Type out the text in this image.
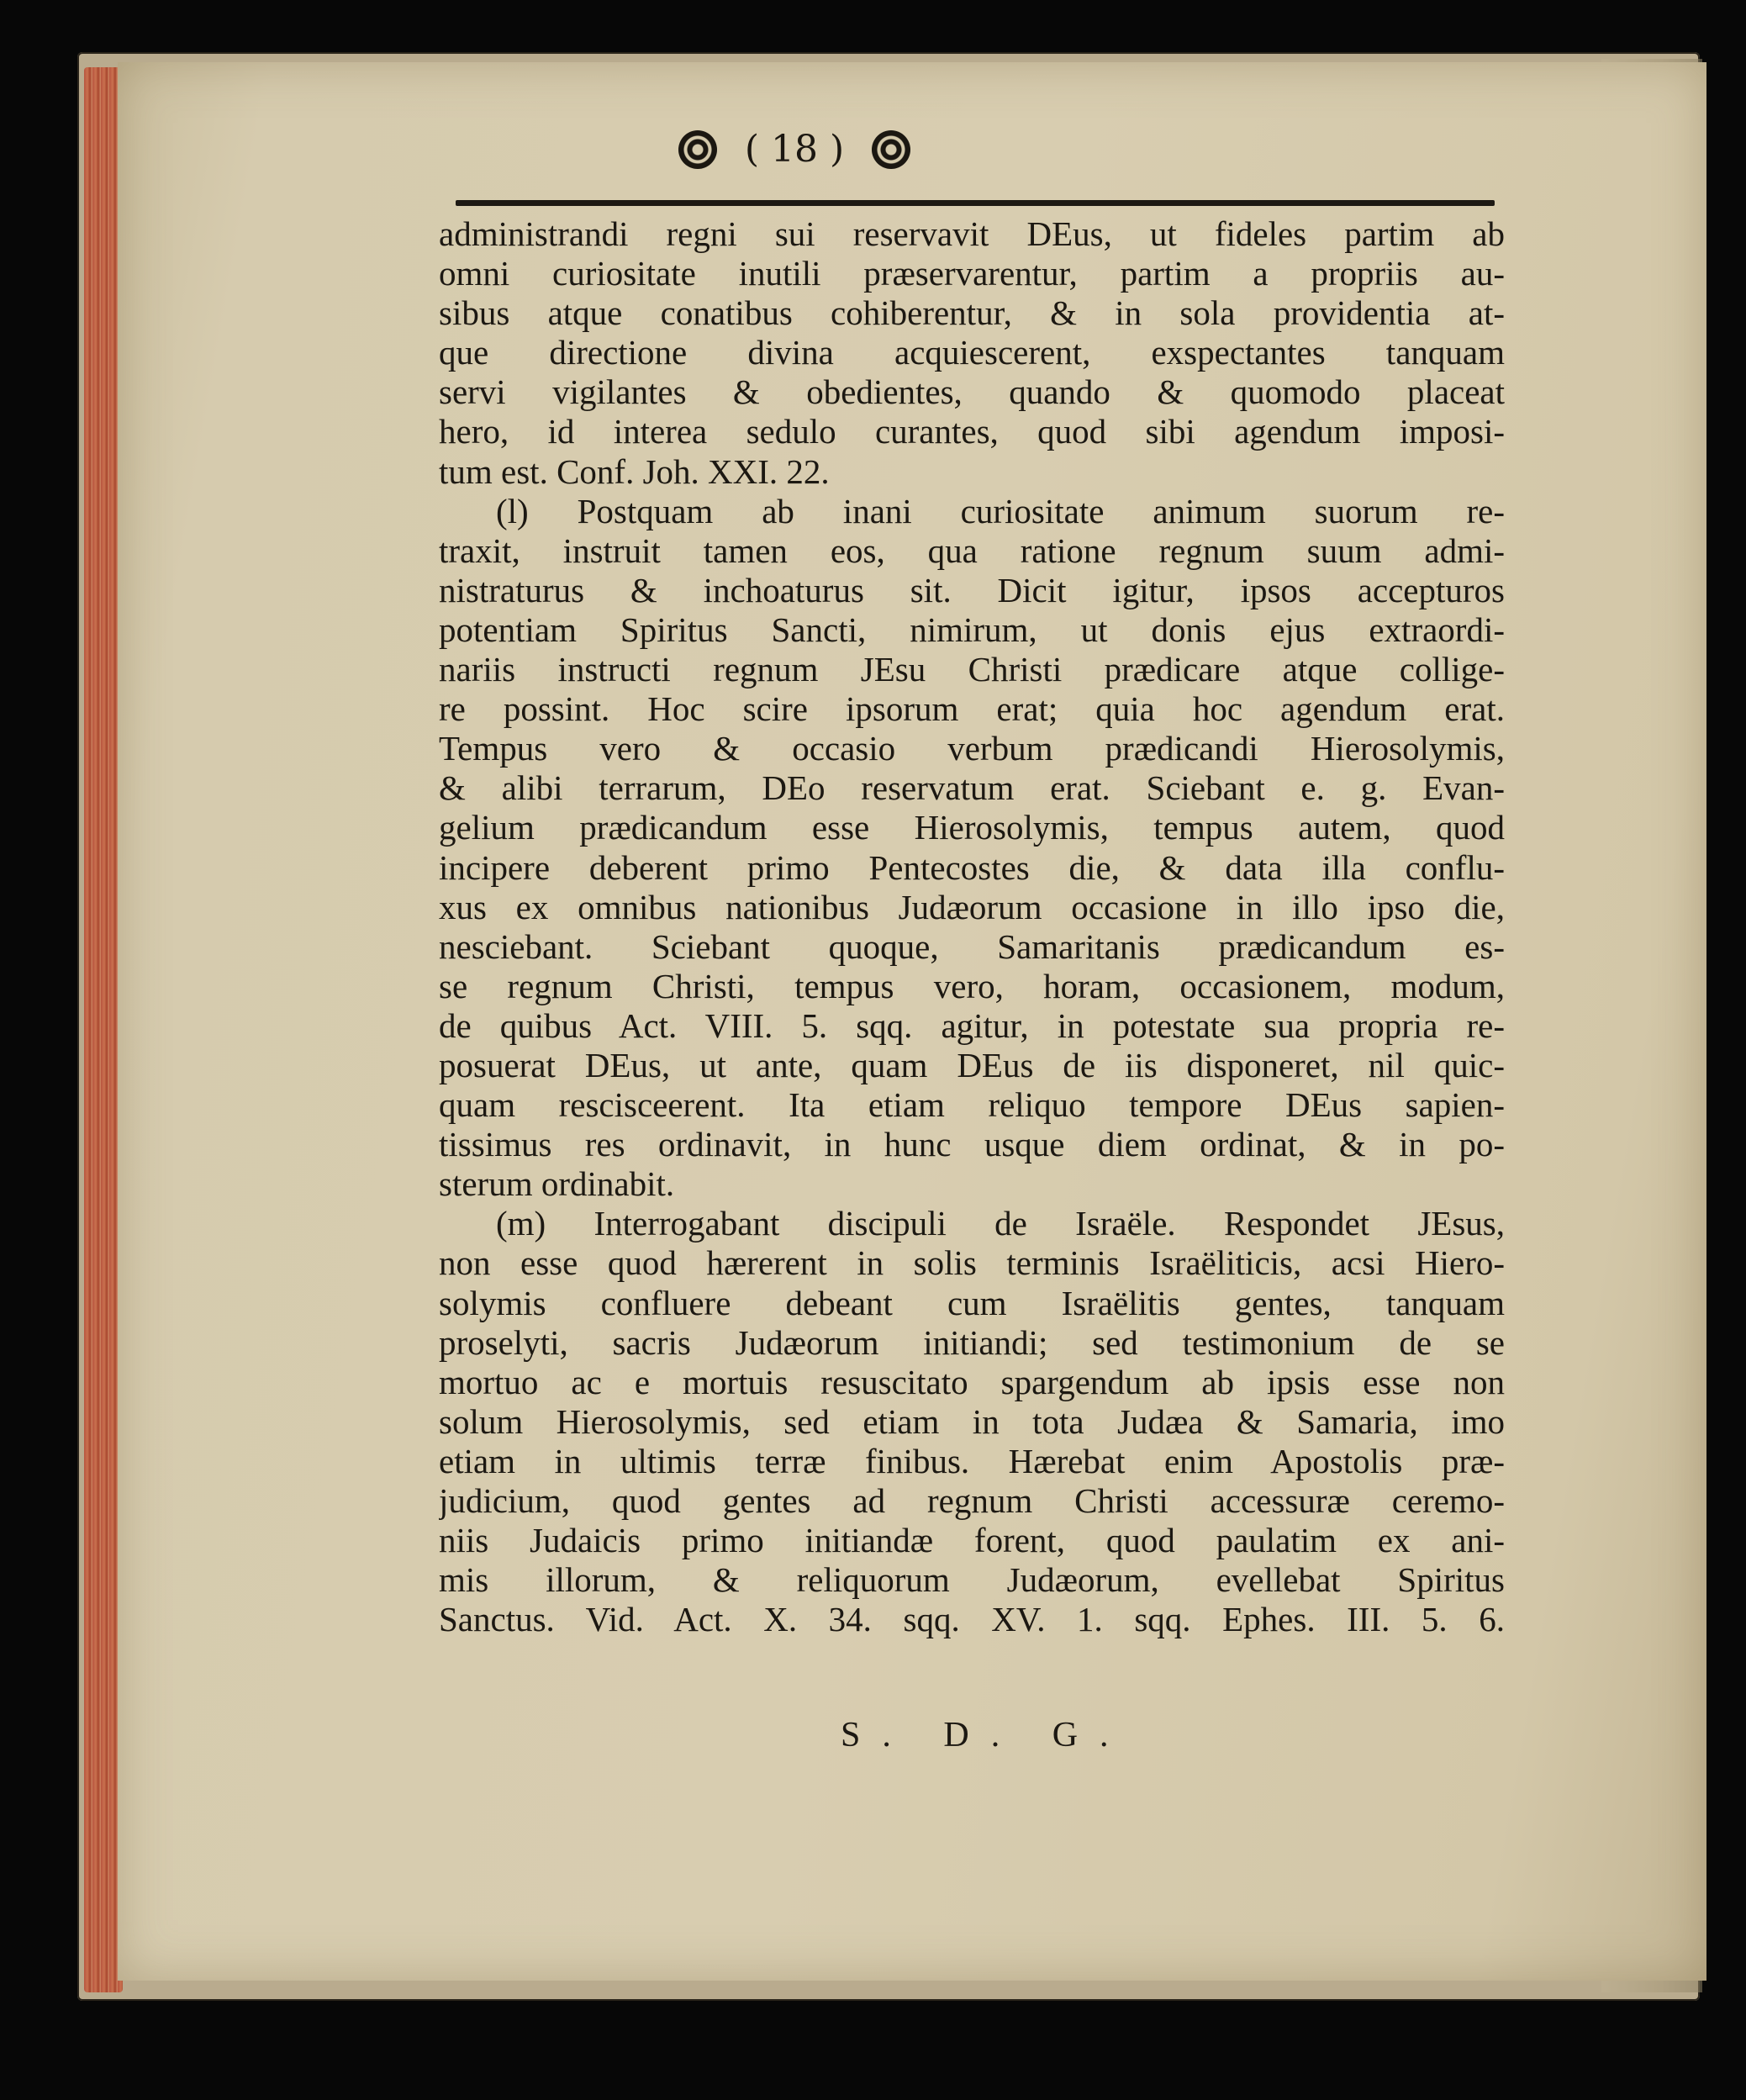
( 18 )
administrandi regni sui reservavit DEus, ut fideles partim ab
omni curiositate inutili præservarentur, partim a propriis au-
sibus atque conatibus cohiberentur, & in sola providentia at-
que directione divina acquiescerent, exspectantes tanquam
servi vigilantes & obedientes, quando & quomodo placeat
hero, id interea sedulo curantes, quod sibi agendum imposi-
tum est. Conf. Joh. XXI. 22.
(l) Postquam ab inani curiositate animum suorum re-
traxit, instruit tamen eos, qua ratione regnum suum admi-
nistraturus & inchoaturus sit. Dicit igitur, ipsos accepturos
potentiam Spiritus Sancti, nimirum, ut donis ejus extraordi-
nariis instructi regnum JEsu Christi prædicare atque collige-
re possint. Hoc scire ipsorum erat; quia hoc agendum erat.
Tempus vero & occasio verbum prædicandi Hierosolymis,
& alibi terrarum, DEo reservatum erat. Sciebant e. g. Evan-
gelium prædicandum esse Hierosolymis, tempus autem, quod
incipere deberent primo Pentecostes die, & data illa conflu-
xus ex omnibus nationibus Judæorum occasione in illo ipso die,
nesciebant. Sciebant quoque, Samaritanis prædicandum es-
se regnum Christi, tempus vero, horam, occasionem, modum,
de quibus Act. VIII. 5. sqq. agitur, in potestate sua propria re-
posuerat DEus, ut ante, quam DEus de iis disponeret, nil quic-
quam rescisceerent. Ita etiam reliquo tempore DEus sapien-
tissimus res ordinavit, in hunc usque diem ordinat, & in po-
sterum ordinabit.
(m) Interrogabant discipuli de Israële. Respondet JEsus,
non esse quod hærerent in solis terminis Israëliticis, acsi Hiero-
solymis confluere debeant cum Israëlitis gentes, tanquam
proselyti, sacris Judæorum initiandi; sed testimonium de se
mortuo ac e mortuis resuscitato spargendum ab ipsis esse non
solum Hierosolymis, sed etiam in tota Judæa & Samaria, imo
etiam in ultimis terræ finibus. Hærebat enim Apostolis præ-
judicium, quod gentes ad regnum Christi accessuræ ceremo-
niis Judaicis primo initiandæ forent, quod paulatim ex ani-
mis illorum, & reliquorum Judæorum, evellebat Spiritus
Sanctus. Vid. Act. X. 34. sqq. XV. 1. sqq. Ephes. III. 5. 6.
S. D. G.
